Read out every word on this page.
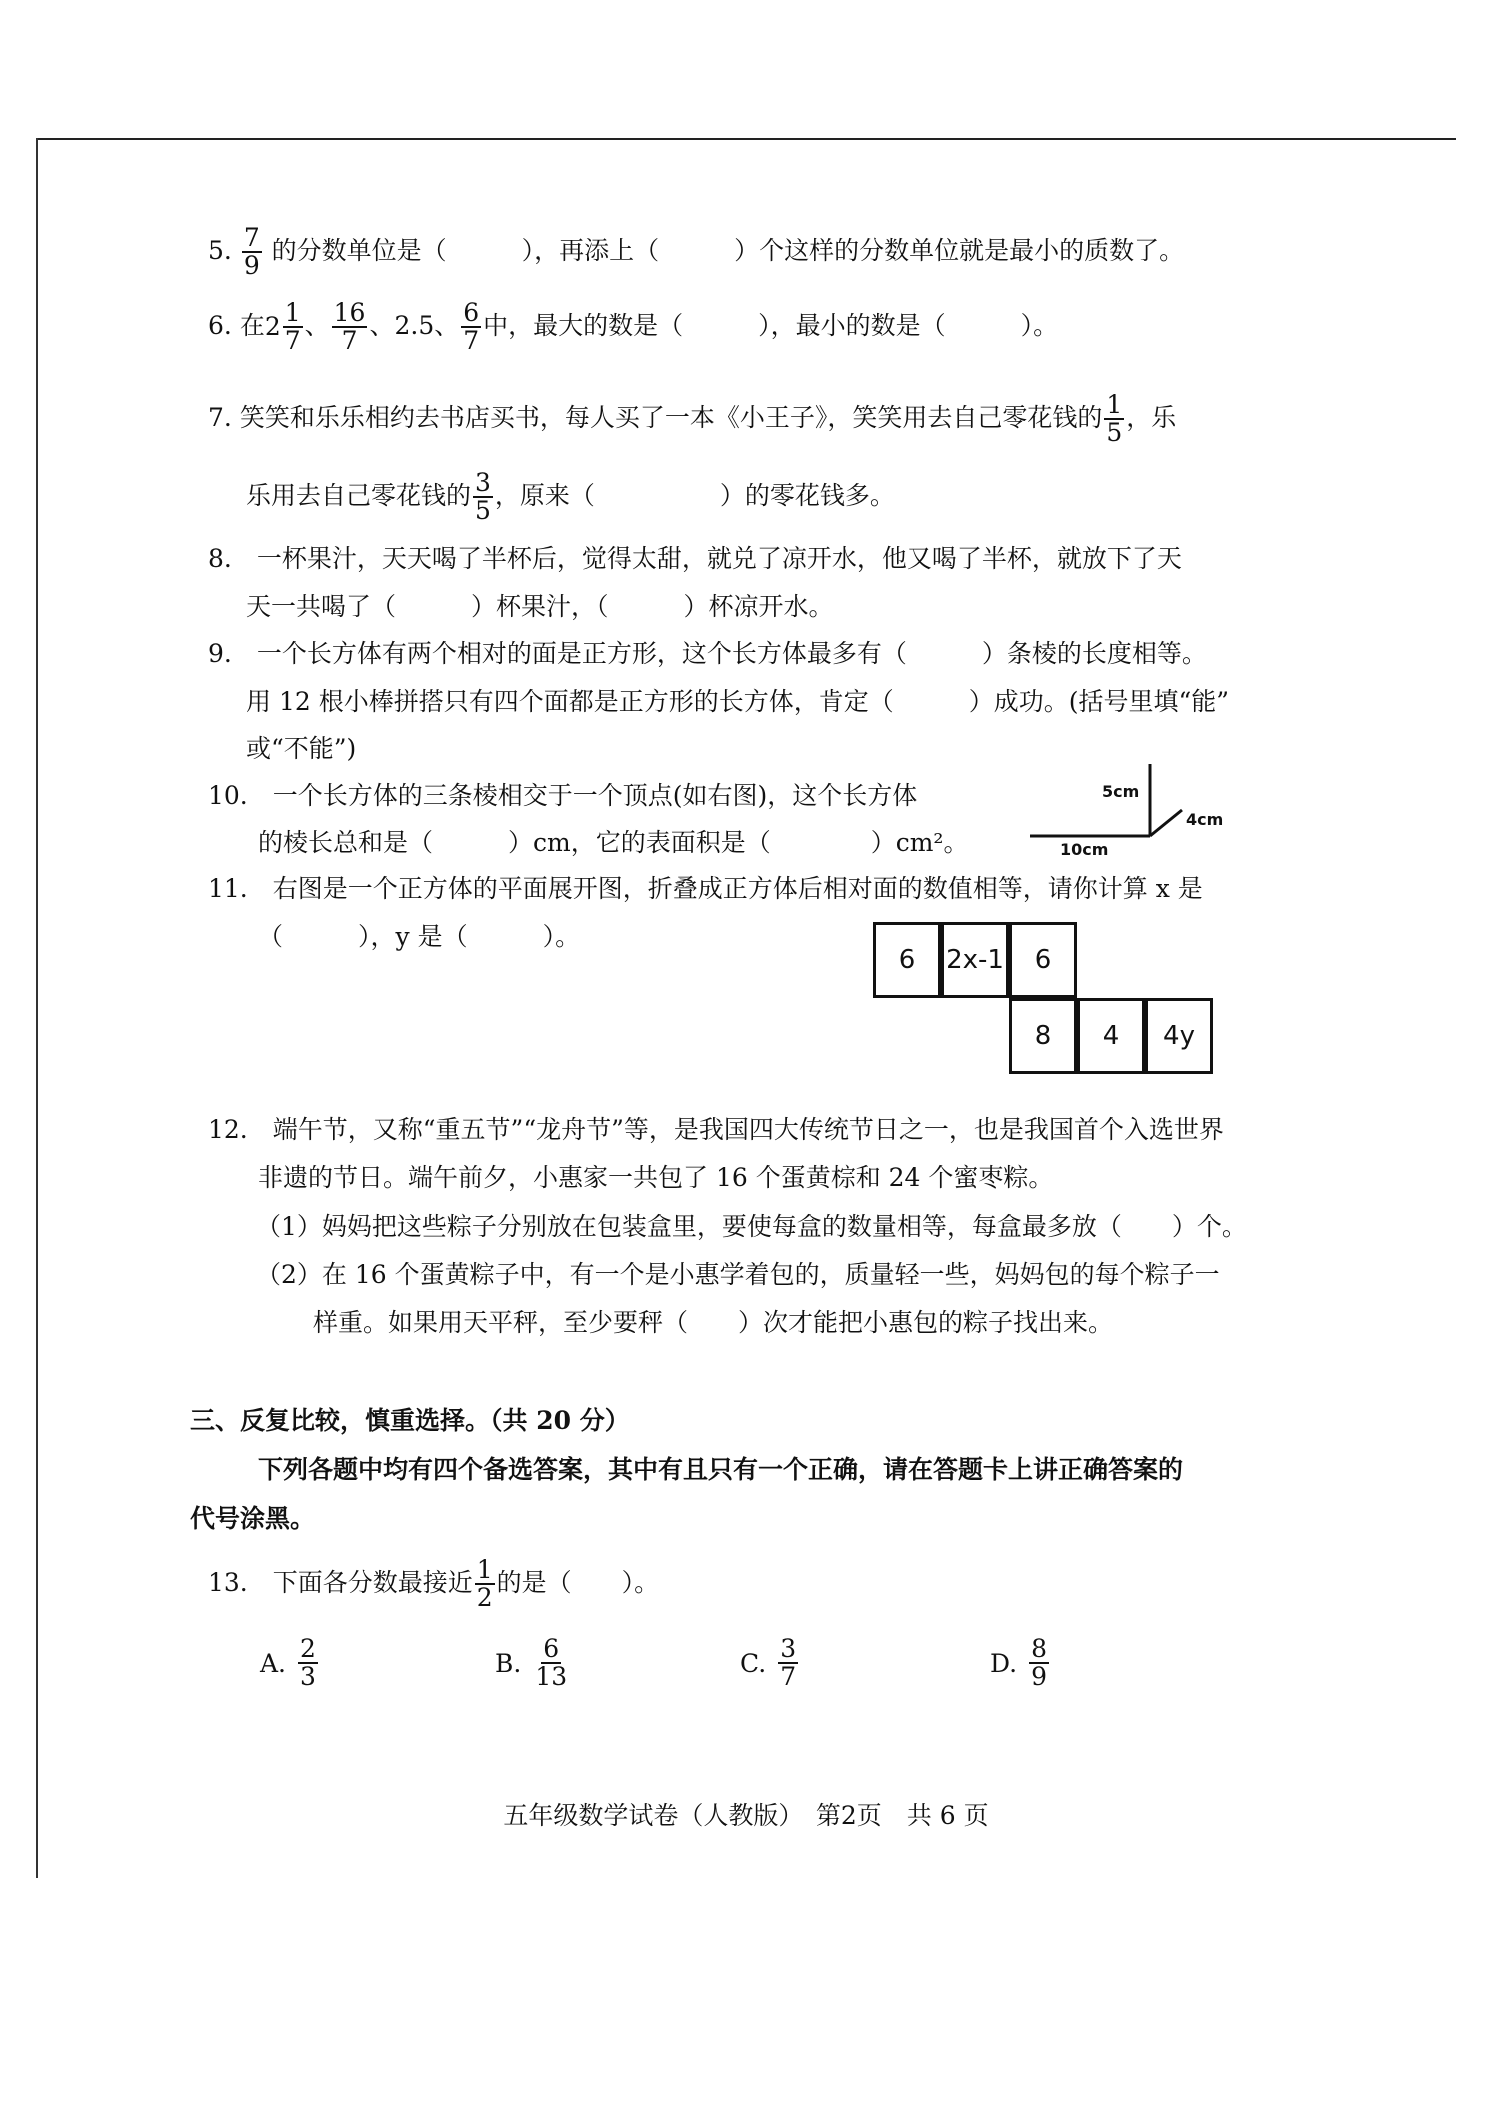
5. $\frac{7}{9}$ 的分数单位是（　　　），再添上（　　　）个这样的分数单位就是最小的质数了。
6. 在 $2 \frac{1}{7}$ 、 $\frac{16}{7}$ 、2.5、 $\frac{6}{7}$ 中，最大的数是（　　　），最小的数是（　　　）。
7. 笑笑和乐乐相约去书店买书，每人买了一本《小王子》，笑笑用去自己零花钱的 $\frac{1}{5}$ ，乐
乐用去自己零花钱的 $\frac{3}{5}$ ，原来（　　　　　）的零花钱多。
8.　一杯果汁，天天喝了半杯后，觉得太甜，就兑了凉开水，他又喝了半杯，就放下了天
天一共喝了（　　　）杯果汁，（　　　）杯凉开水。
9.　一个长方体有两个相对的面是正方形，这个长方体最多有（　　　）条棱的长度相等。
用 12 根小棒拼搭只有四个面都是正方形的长方体，肯定（　　　）成功。(括号里填“能”
或“不能”)
10.　一个长方体的三条棱相交于一个顶点(如右图)，这个长方体
的棱长总和是（　　　）cm，它的表面积是（　　　　）cm²。
5cm
4cm
10cm
11.　右图是一个正方体的平面展开图，折叠成正方体后相对面的数值相等，请你计算 x 是
（　　　），y 是（　　　）。
6	2x-1	6
8	4	4y
12.　端午节，又称“重五节”“龙舟节”等，是我国四大传统节日之一，也是我国首个入选世界
非遗的节日。端午前夕，小惠家一共包了 16 个蛋黄棕和 24 个蜜枣粽。
（1）妈妈把这些粽子分别放在包装盒里，要使每盒的数量相等，每盒最多放（　　）个。
（2）在 16 个蛋黄粽子中，有一个是小惠学着包的，质量轻一些，妈妈包的每个粽子一
样重。如果用天平秤，至少要秤（　　）次才能把小惠包的粽子找出来。
三、反复比较，慎重选择。（共 20 分）
下列各题中均有四个备选答案，其中有且只有一个正确，请在答题卡上讲正确答案的
代号涂黑。
13.　下面各分数最接近 $\frac{1}{2}$ 的是（　　）。
A. $\frac{2}{3}$	B. $\frac{6}{13}$	C. $\frac{3}{7}$	D. $\frac{8}{9}$
五年级数学试卷（人教版）　第2页　共 6 页
